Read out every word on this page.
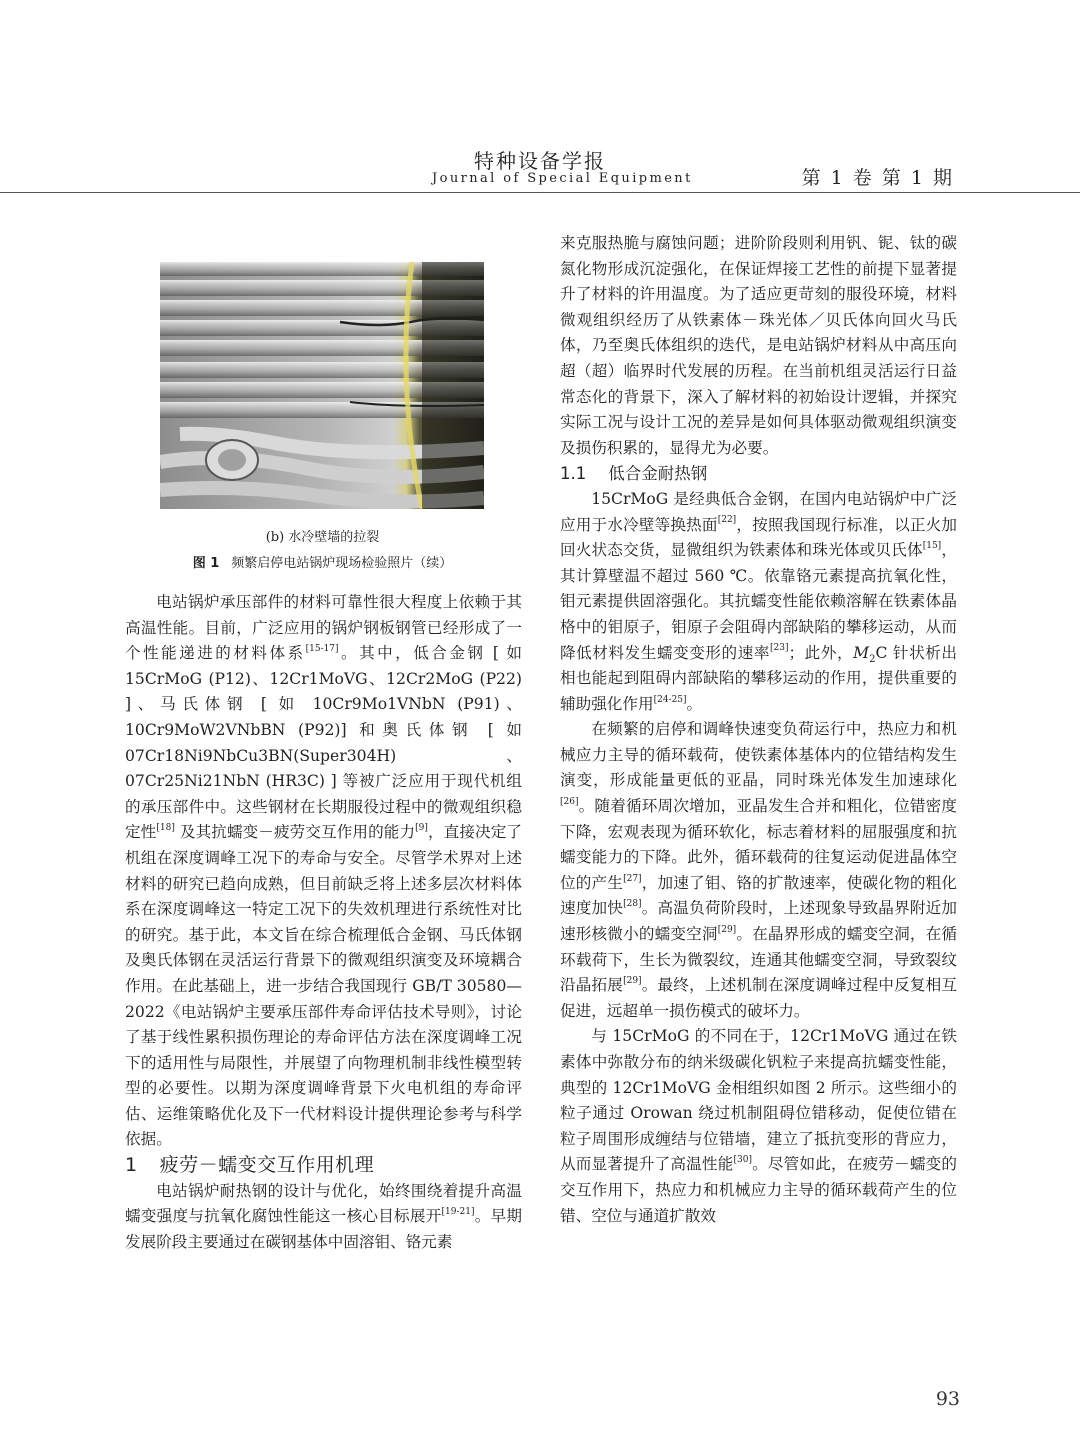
特种设备学报
Journal of Special Equipment	第 1 卷 第 1 期
(b) 水冷壁墙的拉裂
图 1 频繁启停电站锅炉现场检验照片（续）

电站锅炉承压部件的材料可靠性很大程度上依赖于其高温性能。目前，广泛应用的锅炉钢板钢管已经形成了一个性能递进的材料体系[15-17]。其中，低合金钢 [ 如 15CrMoG (P12)、12Cr1MoVG、12Cr2MoG (P22) ]、马氏体钢 [ 如 10Cr9Mo1VNbN (P91)、10Cr9MoW2VNbBN (P92)] 和奥氏体钢 [ 如 07Cr18Ni9NbCu3BN(Super304H)、07Cr25Ni21NbN (HR3C) ] 等被广泛应用于现代机组的承压部件中。这些钢材在长期服役过程中的微观组织稳定性[18] 及其抗蠕变－疲劳交互作用的能力[9]，直接决定了机组在深度调峰工况下的寿命与安全。尽管学术界对上述材料的研究已趋向成熟，但目前缺乏将上述多层次材料体系在深度调峰这一特定工况下的失效机理进行系统性对比的研究。基于此，本文旨在综合梳理低合金钢、马氏体钢及奥氏体钢在灵活运行背景下的微观组织演变及环境耦合作用。在此基础上，进一步结合我国现行 GB/T 30580—2022《电站锅炉主要承压部件寿命评估技术导则》，讨论了基于线性累积损伤理论的寿命评估方法在深度调峰工况下的适用性与局限性，并展望了向物理机制非线性模型转型的必要性。以期为深度调峰背景下火电机组的寿命评估、运维策略优化及下一代材料设计提供理论参考与科学依据。

1 疲劳－蠕变交互作用机理

电站锅炉耐热钢的设计与优化，始终围绕着提升高温蠕变强度与抗氧化腐蚀性能这一核心目标展开[19-21]。早期发展阶段主要通过在碳钢基体中固溶钼、铬元素

来克服热脆与腐蚀问题；进阶阶段则利用钒、铌、钛的碳氮化物形成沉淀强化，在保证焊接工艺性的前提下显著提升了材料的许用温度。为了适应更苛刻的服役环境，材料微观组织经历了从铁素体－珠光体／贝氏体向回火马氏体，乃至奥氏体组织的迭代，是电站锅炉材料从中高压向超（超）临界时代发展的历程。在当前机组灵活运行日益常态化的背景下，深入了解材料的初始设计逻辑，并探究实际工况与设计工况的差异是如何具体驱动微观组织演变及损伤积累的，显得尤为必要。

1.1 低合金耐热钢

15CrMoG 是经典低合金钢，在国内电站锅炉中广泛应用于水冷壁等换热面[22]，按照我国现行标准，以正火加回火状态交货，显微组织为铁素体和珠光体或贝氏体[15]，其计算壁温不超过 560 ℃。依靠铬元素提高抗氧化性，钼元素提供固溶强化。其抗蠕变性能依赖溶解在铁素体晶格中的钼原子，钼原子会阻碍内部缺陷的攀移运动，从而降低材料发生蠕变变形的速率[23]；此外，$M_2C$ 针状析出相也能起到阻碍内部缺陷的攀移运动的作用，提供重要的辅助强化作用[24-25]。

在频繁的启停和调峰快速变负荷运行中，热应力和机械应力主导的循环载荷，使铁素体基体内的位错结构发生演变，形成能量更低的亚晶，同时珠光体发生加速球化[26]。随着循环周次增加，亚晶发生合并和粗化，位错密度下降，宏观表现为循环软化，标志着材料的屈服强度和抗蠕变能力的下降。此外，循环载荷的往复运动促进晶体空位的产生[27]，加速了钼、铬的扩散速率，使碳化物的粗化速度加快[28]。高温负荷阶段时，上述现象导致晶界附近加速形核微小的蠕变空洞[29]。在晶界形成的蠕变空洞，在循环载荷下，生长为微裂纹，连通其他蠕变空洞，导致裂纹沿晶拓展[29]。最终，上述机制在深度调峰过程中反复相互促进，远超单一损伤模式的破坏力。

与 15CrMoG 的不同在于，12Cr1MoVG 通过在铁素体中弥散分布的纳米级碳化钒粒子来提高抗蠕变性能，典型的 12Cr1MoVG 金相组织如图 2 所示。这些细小的粒子通过 Orowan 绕过机制阻碍位错移动，促使位错在粒子周围形成缠结与位错墙，建立了抵抗变形的背应力，从而显著提升了高温性能[30]。尽管如此，在疲劳－蠕变的交互作用下，热应力和机械应力主导的循环载荷产生的位错、空位与通道扩散效

93
